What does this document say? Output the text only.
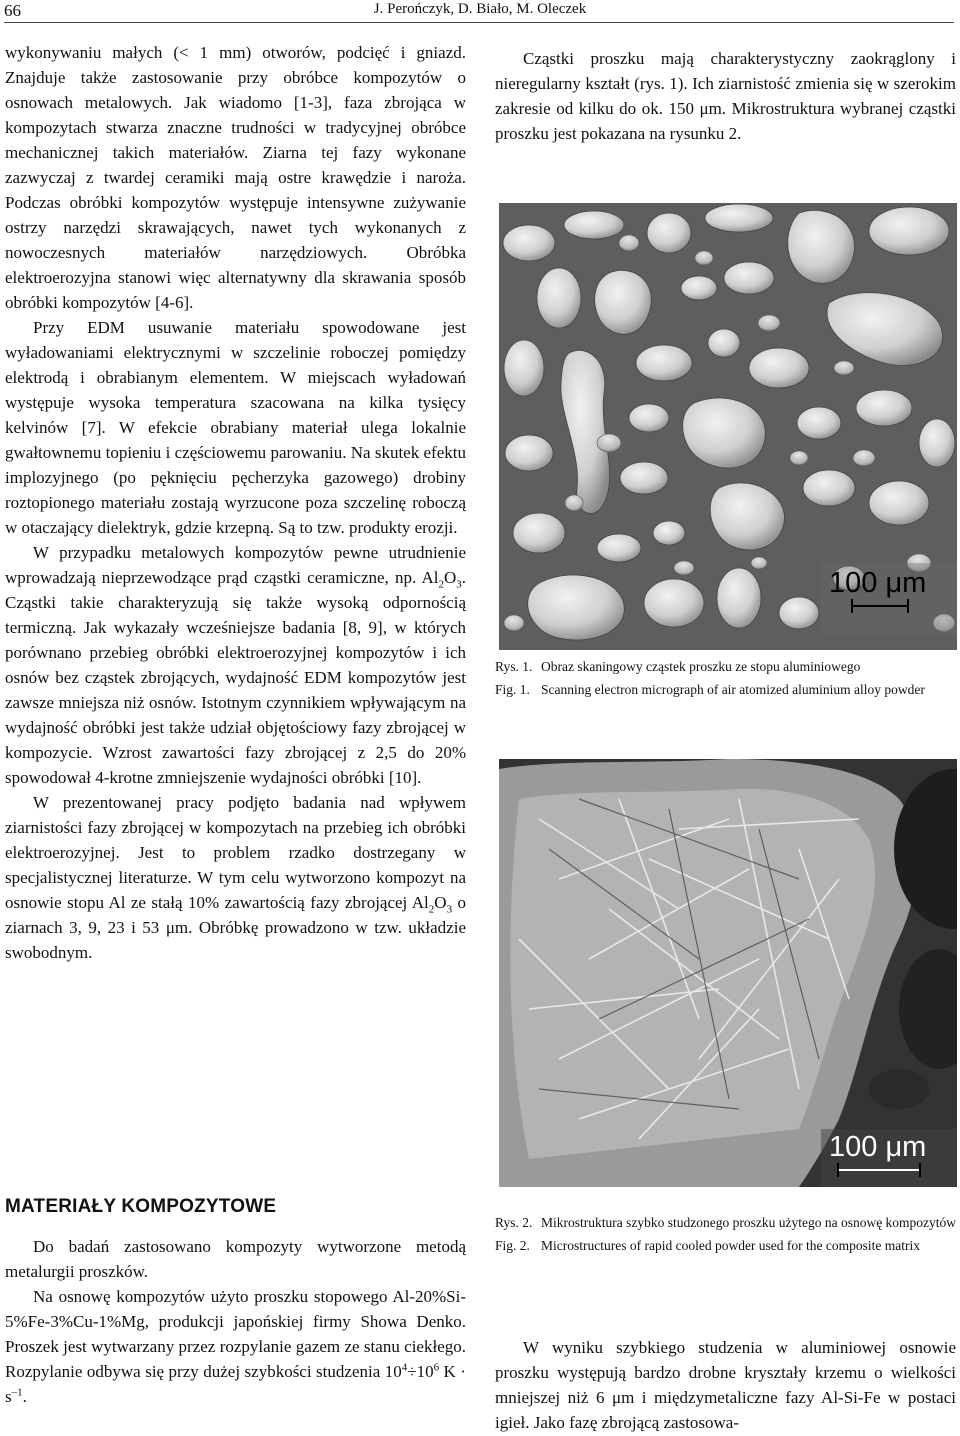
66	J. Perończyk, D. Biało, M. Oleczek

wykonywaniu małych (< 1 mm) otworów, podcięć i gniazd. Znajduje także zastosowanie przy obróbce kompozytów o osnowach metalowych. Jak wiadomo [1-3], faza zbrojąca w kompozytach stwarza znaczne trudności w tradycyjnej obróbce mechanicznej takich materiałów. Ziarna tej fazy wykonane zazwyczaj z twardej ceramiki mają ostre krawędzie i naroża. Podczas obróbki kompozytów występuje intensywne zużywanie ostrzy narzędzi skrawających, nawet tych wykonanych z nowoczesnych materiałów narzędziowych. Obróbka elektroerozyjna stanowi więc alternatywny dla skrawania sposób obróbki kompozytów [4-6].

Przy EDM usuwanie materiału spowodowane jest wyładowaniami elektrycznymi w szczelinie roboczej pomiędzy elektrodą i obrabianym elementem. W miejscach wyładowań występuje wysoka temperatura szacowana na kilka tysięcy kelvinów [7]. W efekcie obrabiany materiał ulega lokalnie gwałtownemu topieniu i częściowemu parowaniu. Na skutek efektu implozyjnego (po pęknięciu pęcherzyka gazowego) drobiny roztopionego materiału zostają wyrzucone poza szczelinę roboczą w otaczający dielektryk, gdzie krzepną. Są to tzw. produkty erozji.

W przypadku metalowych kompozytów pewne utrudnienie wprowadzają nieprzewodzące prąd cząstki ceramiczne, np. $Al_2O_3$. Cząstki takie charakteryzują się także wysoką odpornością termiczną. Jak wykazały wcześniejsze badania [8, 9], w których porównano przebieg obróbki elektroerozyjnej kompozytów i ich osnów bez cząstek zbrojących, wydajność EDM kompozytów jest zawsze mniejsza niż osnów. Istotnym czynnikiem wpływającym na wydajność obróbki jest także udział objętościowy fazy zbrojącej w kompozycie. Wzrost zawartości fazy zbrojącej z 2,5 do 20% spowodował 4-krotne zmniejszenie wydajności obróbki [10].

W prezentowanej pracy podjęto badania nad wpływem ziarnistości fazy zbrojącej w kompozytach na przebieg ich obróbki elektroerozyjnej. Jest to problem rzadko dostrzegany w specjalistycznej literaturze. W tym celu wytworzono kompozyt na osnowie stopu Al ze stałą 10% zawartością fazy zbrojącej $Al_2O_3$ o ziarnach 3, 9, 23 i 53 μm. Obróbkę prowadzono w tzw. układzie swobodnym.

MATERIAŁY KOMPOZYTOWE

Do badań zastosowano kompozyty wytworzone metodą metalurgii proszków.

Na osnowę kompozytów użyto proszku stopowego Al-20%Si-5%Fe-3%Cu-1%Mg, produkcji japońskiej firmy Showa Denko. Proszek jest wytwarzany przez rozpylanie gazem ze stanu ciekłego. Rozpylanie odbywa się przy dużej szybkości studzenia $10^4\div 10^6$ $K \cdot s^{-1}$.

Cząstki proszku mają charakterystyczny zaokrąglony i nieregularny kształt (rys. 1). Ich ziarnistość zmienia się w szerokim zakresie od kilku do ok. 150 μm. Mikrostruktura wybranej cząstki proszku jest pokazana na rysunku 2.

100 μm
Rys. 1. Obraz skaningowy cząstek proszku ze stopu aluminiowego
Fig. 1. Scanning electron micrograph of air atomized aluminium alloy powder
100 μm
Rys. 2. Mikrostruktura szybko studzonego proszku użytego na osnowę kompozytów
Fig. 2. Microstructures of rapid cooled powder used for the composite matrix

W wyniku szybkiego studzenia w aluminiowej osnowie proszku występują bardzo drobne kryształy krzemu o wielkości mniejszej niż 6 μm i międzymetaliczne fazy Al-Si-Fe w postaci igieł. Jako fazę zbrojącą zastosowa-
